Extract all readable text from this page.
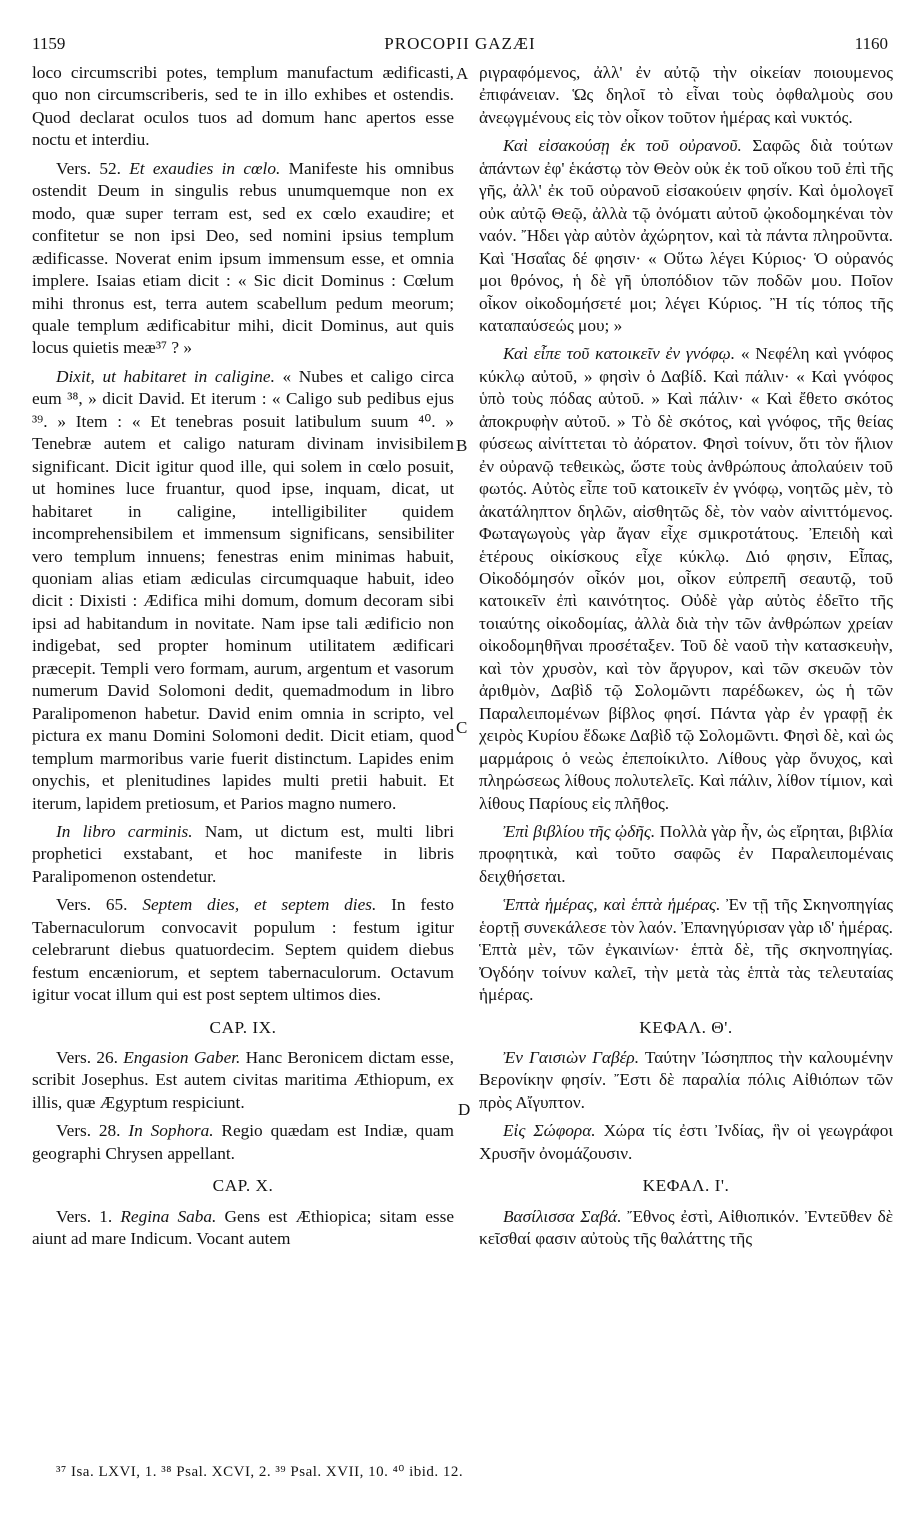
1159	PROCOPII GAZÆI	1160
A
B
C
D

loco circumscribi potes, templum manufactum ædificasti, quo non circumscriberis, sed te in illo exhibes et ostendis. Quod declarat oculos tuos ad domum hanc apertos esse noctu et interdiu.

Vers. 52. Et exaudies in cœlo. Manifeste his omnibus ostendit Deum in singulis rebus unumquemque non ex modo, quæ super terram est, sed ex cœlo exaudire; et confitetur se non ipsi Deo, sed nomini ipsius templum ædificasse. Noverat enim ipsum immensum esse, et omnia implere. Isaias etiam dicit : « Sic dicit Dominus : Cœlum mihi thronus est, terra autem scabellum pedum meorum; quale templum ædificabitur mihi, dicit Dominus, aut quis locus quietis meæ³⁷ ? »

Dixit, ut habitaret in caligine. « Nubes et caligo circa eum ³⁸, » dicit David. Et iterum : « Caligo sub pedibus ejus ³⁹. » Item : « Et tenebras posuit latibulum suum ⁴⁰. » Tenebræ autem et caligo naturam divinam invisibilem significant. Dicit igitur quod ille, qui solem in cœlo posuit, ut homines luce fruantur, quod ipse, inquam, dicat, ut habitaret in caligine, intelligibiliter quidem incomprehensibilem et immensum significans, sensibiliter vero templum innuens; fenestras enim minimas habuit, quoniam alias etiam ædiculas circumquaque habuit, ideo dicit : Dixisti : Ædifica mihi domum, domum decoram sibi ipsi ad habitandum in novitate. Nam ipse tali ædificio non indigebat, sed propter hominum utilitatem ædificari præcepit. Templi vero formam, aurum, argentum et vasorum numerum David Solomoni dedit, quemadmodum in libro Paralipomenon habetur. David enim omnia in scripto, vel pictura ex manu Domini Solomoni dedit. Dicit etiam, quod templum marmoribus varie fuerit distinctum. Lapides enim onychis, et plenitudines lapides multi pretii habuit. Et iterum, lapidem pretiosum, et Parios magno numero.

In libro carminis. Nam, ut dictum est, multi libri prophetici exstabant, et hoc manifeste in libris Paralipomenon ostendetur.

Vers. 65. Septem dies, et septem dies. In festo Tabernaculorum convocavit populum : festum igitur celebrarunt diebus quatuordecim. Septem quidem diebus festum encæniorum, et septem tabernaculorum. Octavum igitur vocat illum qui est post septem ultimos dies.

CAP. IX.

Vers. 26. Engasion Gaber. Hanc Beronicem dictam esse, scribit Josephus. Est autem civitas maritima Æthiopum, ex illis, quæ Ægyptum respiciunt.

Vers. 28. In Sophora. Regio quædam est Indiæ, quam geographi Chrysen appellant.

CAP. X.

Vers. 1. Regina Saba. Gens est Æthiopica; sitam esse aiunt ad mare Indicum. Vocant autem

ριγραφόμενος, ἀλλ' ἐν αὐτῷ τὴν οἰκείαν ποιουμενος ἐπιφάνειαν. Ὡς δηλοῖ τὸ εἶναι τοὺς ὀφθαλμοὺς σου ἀνεῳγμένους εἰς τὸν οἶκον τοῦτον ἡμέρας καὶ νυκτός.

Καὶ εἰσακούσῃ ἐκ τοῦ οὐρανοῦ. Σαφῶς διὰ τούτων ἁπάντων ἐφ' ἑκάστῳ τὸν Θεὸν οὐκ ἐκ τοῦ οἴκου τοῦ ἐπὶ τῆς γῆς, ἀλλ' ἐκ τοῦ οὐρανοῦ εἰσακούειν φησίν. Καὶ ὁμολογεῖ οὐκ αὐτῷ Θεῷ, ἀλλὰ τῷ ὀνόματι αὐτοῦ ᾠκοδομηκέναι τὸν ναόν. Ἤδει γὰρ αὐτὸν ἀχώρητον, καὶ τὰ πάντα πληροῦντα. Καὶ Ἡσαΐας δέ φησιν· « Οὕτω λέγει Κύριος· Ὁ οὐρανός μοι θρόνος, ἡ δὲ γῆ ὑποπόδιον τῶν ποδῶν μου. Ποῖον οἶκον οἰκοδομήσετέ μοι; λέγει Κύριος. Ἢ τίς τόπος τῆς καταπαύσεώς μου; »

Καὶ εἶπε τοῦ κατοικεῖν ἐν γνόφῳ. « Νεφέλη καὶ γνόφος κύκλῳ αὐτοῦ, » φησὶν ὁ Δαβίδ. Καὶ πάλιν· « Καὶ γνόφος ὑπὸ τοὺς πόδας αὐτοῦ. » Καὶ πάλιν· « Καὶ ἔθετο σκότος ἀποκρυφὴν αὐτοῦ. » Τὸ δὲ σκότος, καὶ γνόφος, τῆς θείας φύσεως αἰνίττεται τὸ ἀόρατον. Φησὶ τοίνυν, ὅτι τὸν ἥλιον ἐν οὐρανῷ τεθεικὼς, ὥστε τοὺς ἀνθρώπους ἀπολαύειν τοῦ φωτός. Αὐτὸς εἶπε τοῦ κατοικεῖν ἐν γνόφῳ, νοητῶς μὲν, τὸ ἀκατάληπτον δηλῶν, αἰσθητῶς δὲ, τὸν ναὸν αἰνιττόμενος. Φωταγωγοὺς γὰρ ἄγαν εἶχε σμικροτάτους. Ἐπειδὴ καὶ ἑτέρους οἰκίσκους εἶχε κύκλῳ. Διό φησιν, Εἶπας, Οἰκοδόμησόν οἶκόν μοι, οἶκον εὐπρεπῆ σεαυτῷ, τοῦ κατοικεῖν ἐπὶ καινότητος. Οὐδὲ γὰρ αὐτὸς ἐδεῖτο τῆς τοιαύτης οἰκοδομίας, ἀλλὰ διὰ τὴν τῶν ἀνθρώπων χρείαν οἰκοδομηθῆναι προσέταξεν. Τοῦ δὲ ναοῦ τὴν κατασκευὴν, καὶ τὸν χρυσὸν, καὶ τὸν ἄργυρον, καὶ τῶν σκευῶν τὸν ἀριθμὸν, Δαβὶδ τῷ Σολομῶντι παρέδωκεν, ὡς ἡ τῶν Παραλειπομένων βίβλος φησί. Πάντα γὰρ ἐν γραφῇ ἐκ χειρὸς Κυρίου ἔδωκε Δαβὶδ τῷ Σολομῶντι. Φησὶ δὲ, καὶ ὡς μαρμάροις ὁ νεὼς ἐπεποίκιλτο. Λίθους γὰρ ὄνυχος, καὶ πληρώσεως λίθους πολυτελεῖς. Καὶ πάλιν, λίθον τίμιον, καὶ λίθους Παρίους εἰς πλῆθος.

Ἐπὶ βιβλίου τῆς ᾠδῆς. Πολλὰ γὰρ ἦν, ὡς εἴρηται, βιβλία προφητικὰ, καὶ τοῦτο σαφῶς ἐν Παραλειπομέναις δειχθήσεται.

Ἑπτὰ ἡμέρας, καὶ ἑπτὰ ἡμέρας. Ἐν τῇ τῆς Σκηνοπηγίας ἑορτῇ συνεκάλεσε τὸν λαόν. Ἐπανηγύρισαν γὰρ ιδ' ἡμέρας. Ἑπτὰ μὲν, τῶν ἐγκαινίων· ἑπτὰ δὲ, τῆς σκηνοπηγίας. Ὀγδόην τοίνυν καλεῖ, τὴν μετὰ τὰς ἑπτὰ τὰς τελευταίας ἡμέρας.

ΚΕΦΑΛ. Θ'.

Ἐν Γαισιὼν Γαβέρ. Ταύτην Ἰώσηππος τὴν καλουμένην Βερονίκην φησίν. Ἔστι δὲ παραλία πόλις Αἰθιόπων τῶν πρὸς Αἴγυπτον.

Εἰς Σώφορα. Χώρα τίς ἐστι Ἰνδίας, ἣν οἱ γεωγράφοι Χρυσῆν ὀνομάζουσιν.

ΚΕΦΑΛ. Ι'.

Βασίλισσα Σαβά. Ἔθνος ἐστὶ, Αἰθιοπικόν. Ἐντεῦθεν δὲ κεῖσθαί φασιν αὐτοὺς τῆς θαλάττης τῆς

³⁷ Isa. LXVI, 1. ³⁸ Psal. XCVI, 2. ³⁹ Psal. XVII, 10. ⁴⁰ ibid. 12.
